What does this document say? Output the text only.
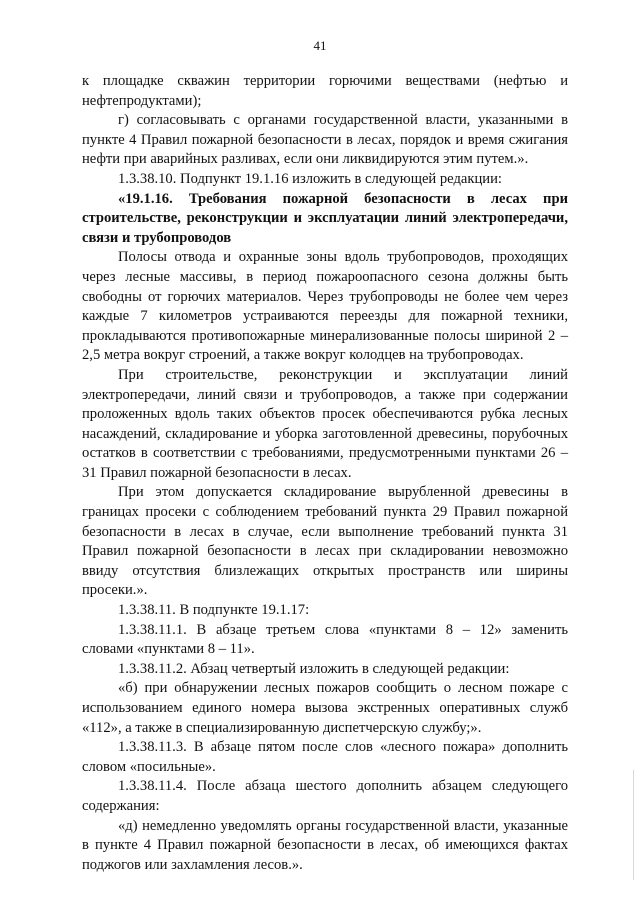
41

к площадке скважин территории горючими веществами (нефтью и нефтепродуктами);

г) согласовывать с органами государственной власти, указанными в пункте 4 Правил пожарной безопасности в лесах, порядок и время сжигания нефти при аварийных разливах, если они ликвидируются этим путем.».

1.3.38.10. Подпункт 19.1.16 изложить в следующей редакции:

«19.1.16. Требования пожарной безопасности в лесах при строительстве, реконструкции и эксплуатации линий электропередачи, связи и трубопроводов

Полосы отвода и охранные зоны вдоль трубопроводов, проходящих через лесные массивы, в период пожароопасного сезона должны быть свободны от горючих материалов. Через трубопроводы не более чем через каждые 7 километров устраиваются переезды для пожарной техники, прокладываются противопожарные минерализованные полосы шириной 2 – 2,5 метра вокруг строений, а также вокруг колодцев на трубопроводах.

При строительстве, реконструкции и эксплуатации линий электропередачи, линий связи и трубопроводов, а также при содержании проложенных вдоль таких объектов просек обеспечиваются рубка лесных насаждений, складирование и уборка заготовленной древесины, порубочных остатков в соответствии с требованиями, предусмотренными пунктами 26 – 31 Правил пожарной безопасности в лесах.

При этом допускается складирование вырубленной древесины в границах просеки с соблюдением требований пункта 29 Правил пожарной безопасности в лесах в случае, если выполнение требований пункта 31 Правил пожарной безопасности в лесах при складировании невозможно ввиду отсутствия близлежащих открытых пространств или ширины просеки.».

1.3.38.11. В подпункте 19.1.17:

1.3.38.11.1. В абзаце третьем слова «пунктами 8 – 12» заменить словами «пунктами 8 – 11».

1.3.38.11.2. Абзац четвертый изложить в следующей редакции:

«б) при обнаружении лесных пожаров сообщить о лесном пожаре с использованием единого номера вызова экстренных оперативных служб «112», а также в специализированную диспетчерскую службу;».

1.3.38.11.3. В абзаце пятом после слов «лесного пожара» дополнить словом «посильные».

1.3.38.11.4. После абзаца шестого дополнить абзацем следующего содержания:

«д) немедленно уведомлять органы государственной власти, указанные в пункте 4 Правил пожарной безопасности в лесах, об имеющихся фактах поджогов или захламления лесов.».
